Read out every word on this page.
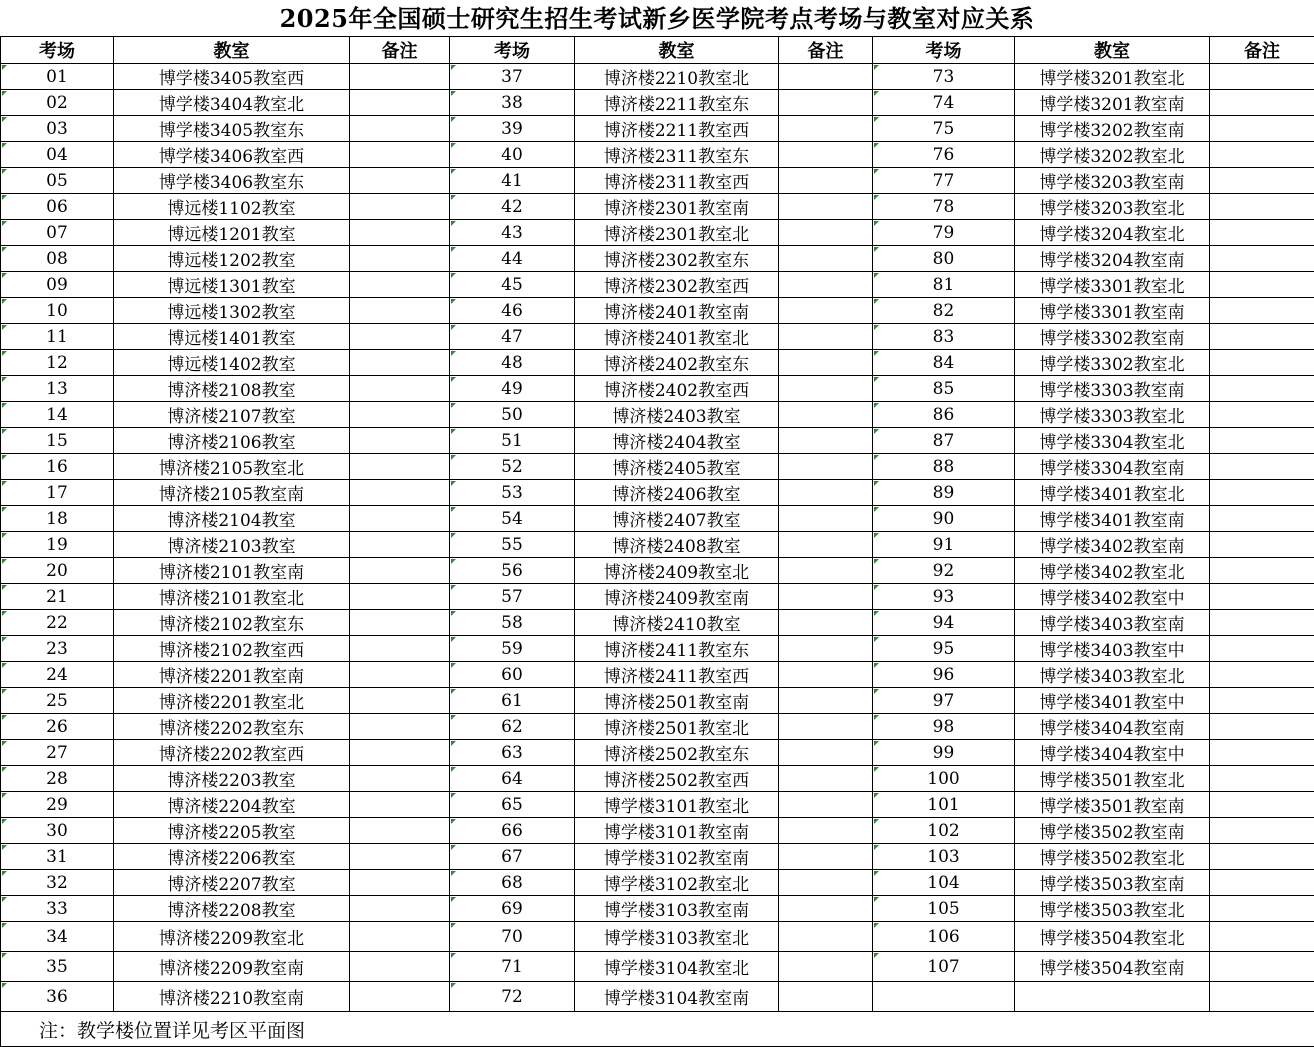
2025年全国硕士研究生招生考试新乡医学院考点考场与教室对应关系
考场	教室	备注	考场	教室	备注	考场	教室	备注
01	博学楼3405教室西		37	博济楼2210教室北		73	博学楼3201教室北	
02	博学楼3404教室北		38	博济楼2211教室东		74	博学楼3201教室南	
03	博学楼3405教室东		39	博济楼2211教室西		75	博学楼3202教室南	
04	博学楼3406教室西		40	博济楼2311教室东		76	博学楼3202教室北	
05	博学楼3406教室东		41	博济楼2311教室西		77	博学楼3203教室南	
06	博远楼1102教室		42	博济楼2301教室南		78	博学楼3203教室北	
07	博远楼1201教室		43	博济楼2301教室北		79	博学楼3204教室北	
08	博远楼1202教室		44	博济楼2302教室东		80	博学楼3204教室南	
09	博远楼1301教室		45	博济楼2302教室西		81	博学楼3301教室北	
10	博远楼1302教室		46	博济楼2401教室南		82	博学楼3301教室南	
11	博远楼1401教室		47	博济楼2401教室北		83	博学楼3302教室南	
12	博远楼1402教室		48	博济楼2402教室东		84	博学楼3302教室北	
13	博济楼2108教室		49	博济楼2402教室西		85	博学楼3303教室南	
14	博济楼2107教室		50	博济楼2403教室		86	博学楼3303教室北	
15	博济楼2106教室		51	博济楼2404教室		87	博学楼3304教室北	
16	博济楼2105教室北		52	博济楼2405教室		88	博学楼3304教室南	
17	博济楼2105教室南		53	博济楼2406教室		89	博学楼3401教室北	
18	博济楼2104教室		54	博济楼2407教室		90	博学楼3401教室南	
19	博济楼2103教室		55	博济楼2408教室		91	博学楼3402教室南	
20	博济楼2101教室南		56	博济楼2409教室北		92	博学楼3402教室北	
21	博济楼2101教室北		57	博济楼2409教室南		93	博学楼3402教室中	
22	博济楼2102教室东		58	博济楼2410教室		94	博学楼3403教室南	
23	博济楼2102教室西		59	博济楼2411教室东		95	博学楼3403教室中	
24	博济楼2201教室南		60	博济楼2411教室西		96	博学楼3403教室北	
25	博济楼2201教室北		61	博济楼2501教室南		97	博学楼3401教室中	
26	博济楼2202教室东		62	博济楼2501教室北		98	博学楼3404教室南	
27	博济楼2202教室西		63	博济楼2502教室东		99	博学楼3404教室中	
28	博济楼2203教室		64	博济楼2502教室西		100	博学楼3501教室北	
29	博济楼2204教室		65	博学楼3101教室北		101	博学楼3501教室南	
30	博济楼2205教室		66	博学楼3101教室南		102	博学楼3502教室南	
31	博济楼2206教室		67	博学楼3102教室南		103	博学楼3502教室北	
32	博济楼2207教室		68	博学楼3102教室北		104	博学楼3503教室南	
33	博济楼2208教室		69	博学楼3103教室南		105	博学楼3503教室北	
34	博济楼2209教室北		70	博学楼3103教室北		106	博学楼3504教室北	
35	博济楼2209教室南		71	博学楼3104教室北		107	博学楼3504教室南	
36	博济楼2210教室南		72	博学楼3104教室南				
注：教学楼位置详见考区平面图								
